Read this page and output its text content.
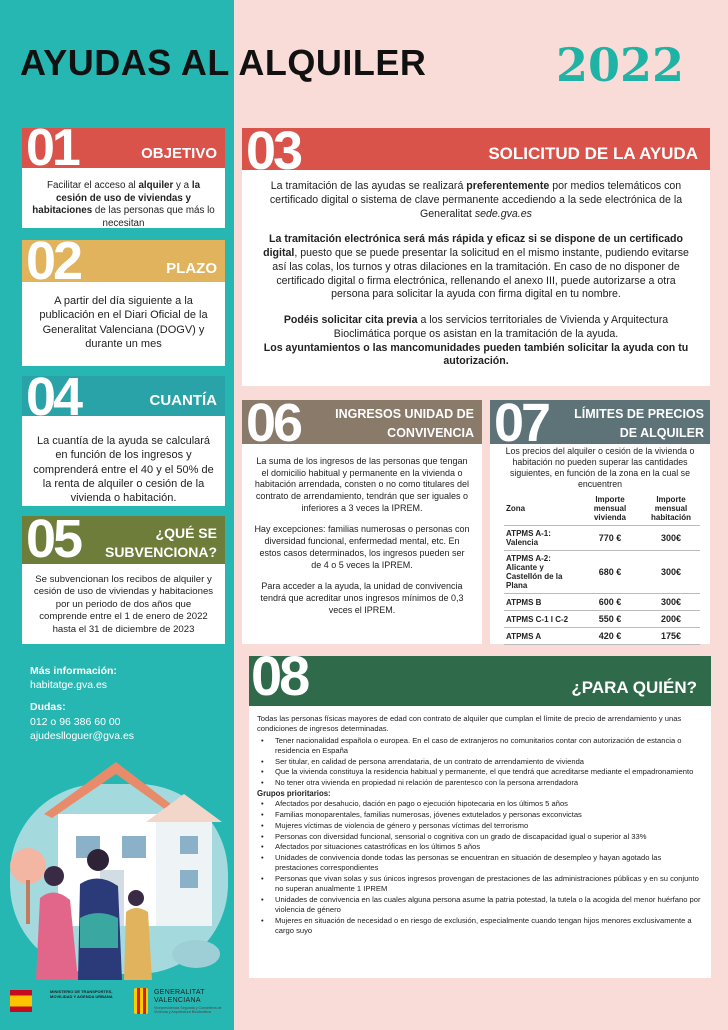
AYUDAS AL ALQUILER	2022
01	OBJETIVO
Facilitar el acceso al alquiler y a la cesión de uso de viviendas y habitaciones de las personas que más lo necesitan
02	PLAZO
A partir del día siguiente a la publicación en el Diari Oficial de la Generalitat Valenciana (DOGV) y durante un mes
04	CUANTÍA
La cuantía de la ayuda se calculará en función de los ingresos y comprenderá entre el 40 y el 50% de la renta de alquiler o cesión de la vivienda o habitación.
05	¿QUÉ SE
SUBVENCIONA?
Se subvencionan los recibos de alquiler y cesión de uso de viviendas y habitaciones por un periodo de dos años que comprende entre el 1 de enero de 2022 hasta el 31 de diciembre de 2023
03	SOLICITUD DE LA AYUDA

La tramitación de las ayudas se realizará preferentemente por medios telemáticos con certificado digital o sistema de clave permanente accediendo a la sede electrónica de la Generalitat sede.gva.es

La tramitación electrónica será más rápida y eficaz si se dispone de un certificado digital, puesto que se puede presentar la solicitud en el mismo instante, pudiendo evitarse así las colas, los turnos y otras dilaciones en la tramitación. En caso de no disponer de certificado digital o firma electrónica, rellenando el anexo III, puede autorizarse a otra persona para solicitar la ayuda con firma digital en tu nombre.

Podéis solicitar cita previa a los servicios territoriales de Vivienda y Arquitectura Bioclimática porque os asistan en la tramitación de la ayuda.

Los ayuntamientos o las mancomunidades pueden también solicitar la ayuda con tu autorización.

06	INGRESOS UNIDAD DE
CONVIVENCIA

La suma de los ingresos de las personas que tengan el domicilio habitual y permanente en la vivienda o habitación arrendada, consten o no como titulares del contrato de arrendamiento, tendrán que ser iguales o inferiores a 3 veces la IPREM.

Hay excepciones: familias numerosas o personas con diversidad funcional, enfermedad mental, etc. En estos casos determinados, los ingresos pueden ser de 4 o 5 veces la IPREM.

Para acceder a la ayuda, la unidad de convivencia tendrá que acreditar unos ingresos mínimos de 0,3 veces el IPREM.

07 LÍMITES DE PRECIOS
DE ALQUILER
Los precios del alquiler o cesión de la vivienda o habitación no pueden superar las cantidades siguientes, en función de la zona en la cual se encuentren
Zona	Importe mensual vivienda	Importe mensual habitación
ATPMS A-1: Valencia	770 €	300€
ATPMS A-2: Alicante y Castellón de la Plana	680 €	300€
ATPMS B	600 €	300€
ATPMS C-1 I C-2	550 €	200€
ATPMS A	420 €	175€
Más información:
habitatge.gva.es
Dudas:
012 o 96 386 60 00
ajudeslloguer@gva.es
MINISTERIO DE TRANSPORTES, MOVILIDAD Y AGENDA URBANA
GENERALITAT
VALENCIANA
Vicepresidencia Segunda y Conselleria de Vivienda y Arquitectura Bioclimática
08	¿PARA QUIÉN?

Todas las personas físicas mayores de edad con contrato de alquiler que cumplan el límite de precio de arrendamiento y unas condiciones de ingresos determinadas.

• Tener nacionalidad española o europea. En el caso de extranjeros no comunitarios contar con autorización de estancia o residencia en España
• Ser titular, en calidad de persona arrendataria, de un contrato de arrendamiento de vivienda
• Que la vivienda constituya la residencia habitual y permanente, el que tendrá que acreditarse mediante el empadronamiento
• No tener otra vivienda en propiedad ni relación de parentesco con la persona arrendadora

Grupos prioritarios:

• Afectados por desahucio, dación en pago o ejecución hipotecaria en los últimos 5 años
• Familias monoparentales, familias numerosas, jóvenes extutelados y personas exconvictas
• Mujeres víctimas de violencia de género y personas víctimas del terrorismo
• Personas con diversidad funcional, sensorial o cognitiva con un grado de discapacidad igual o superior al 33%
• Afectados por situaciones catastróficas en los últimos 5 años
• Unidades de convivencia donde todas las personas se encuentran en situación de desempleo y hayan agotado las prestaciones correspondientes
• Personas que vivan solas y sus únicos ingresos provengan de prestaciones de las administraciones públicas y en su conjunto no superan anualmente 1 IPREM
• Unidades de convivencia en las cuales alguna persona asume la patria potestad, la tutela o la acogida del menor huérfano por violencia de género
• Mujeres en situación de necesidad o en riesgo de exclusión, especialmente cuando tengan hijos menores exclusivamente a cargo suyo
